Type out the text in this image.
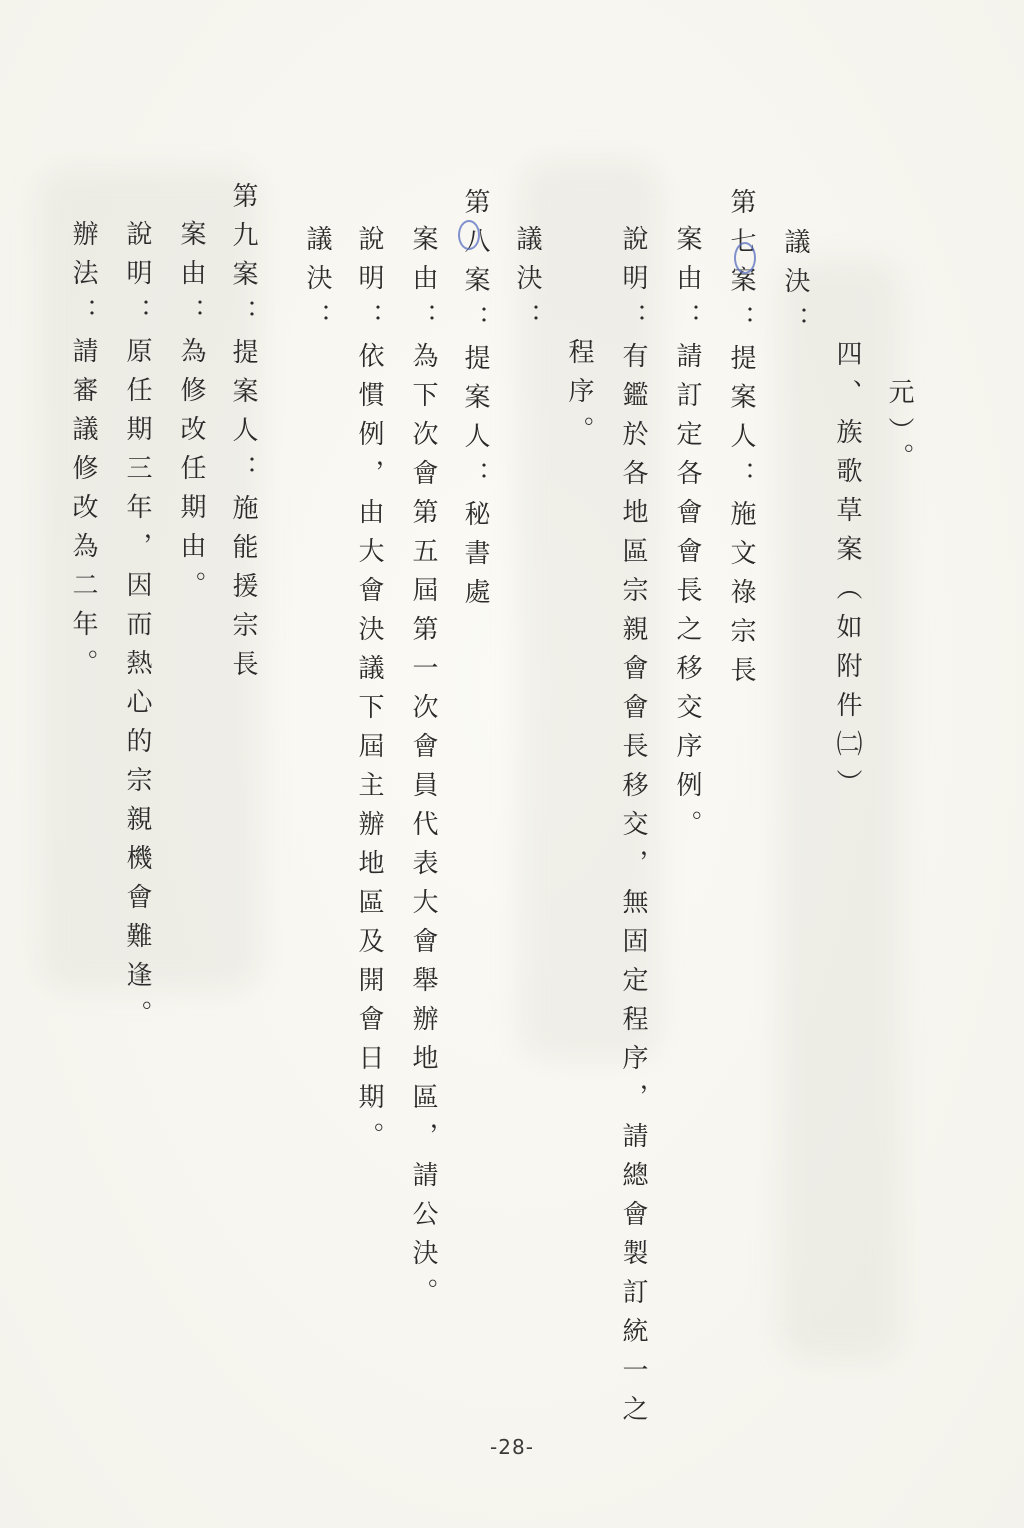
元）。
四、族歌草案（如附件㈡）
議決：
第七案：提案人：施文祿宗長
案由：請訂定各會會長之移交序例。
說明：有鑑於各地區宗親會會長移交，無固定程序，請總會製訂統一之
程序。
議決：
第八案：提案人：秘書處
案由：為下次會第五屆第一次會員代表大會舉辦地區，請公決。
說明：依慣例，由大會決議下屆主辦地區及開會日期。
議決：
第九案：提案人：施能援宗長
案由：為修改任期由。
說明：原任期三年，因而熱心的宗親機會難逢。
辦法：請審議修改為二年。
-28-
